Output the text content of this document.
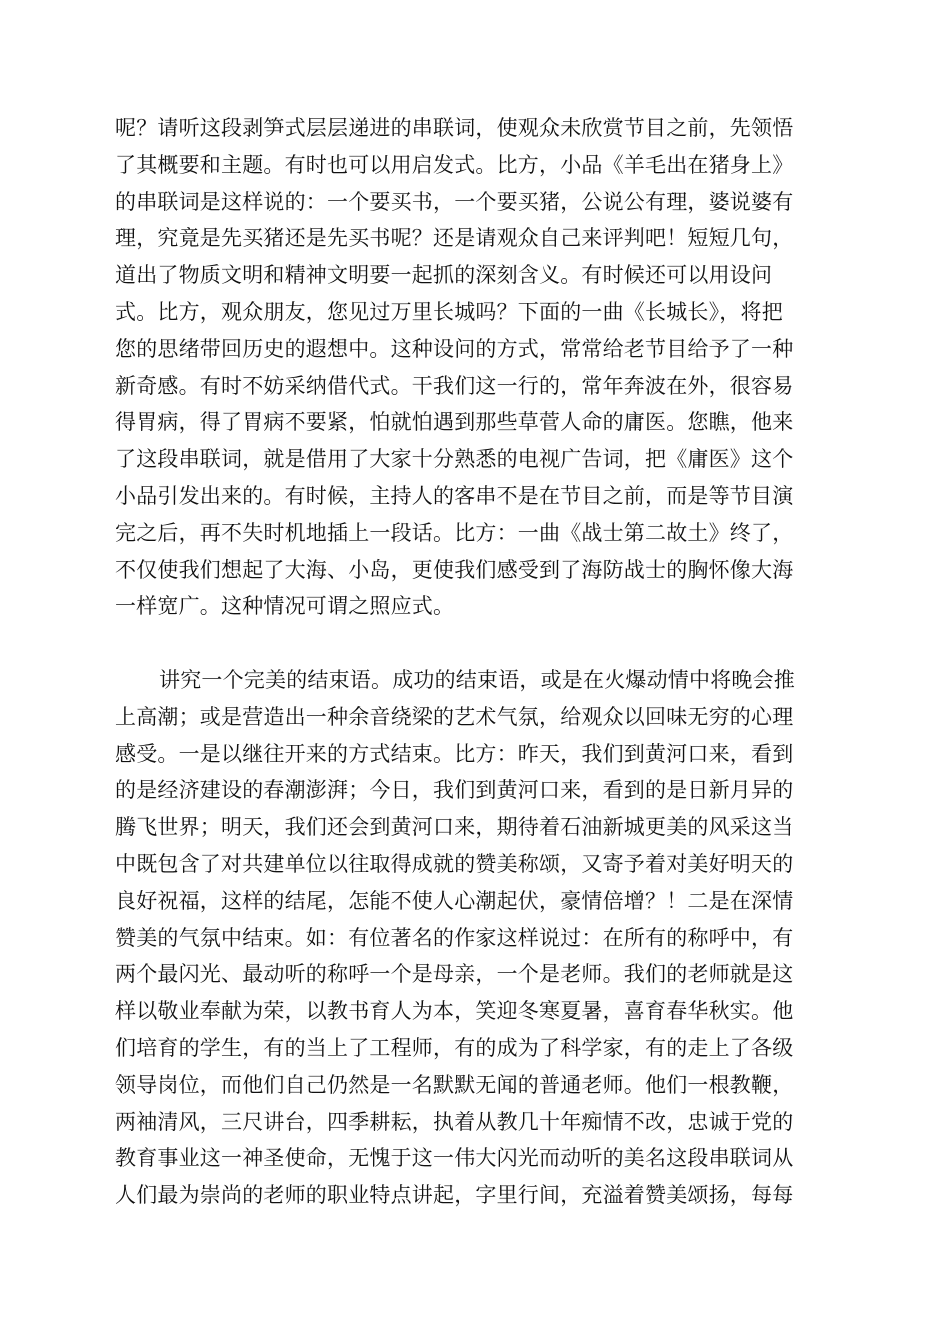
呢？请听这段剥笋式层层递进的串联词，使观众未欣赏节目之前，先领悟
了其概要和主题。有时也可以用启发式。比方，小品《羊毛出在猪身上》
的串联词是这样说的：一个要买书，一个要买猪，公说公有理，婆说婆有
理，究竟是先买猪还是先买书呢？还是请观众自己来评判吧！短短几句，
道出了物质文明和精神文明要一起抓的深刻含义。有时候还可以用设问
式。比方，观众朋友，您见过万里长城吗？下面的一曲《长城长》，将把
您的思绪带回历史的遐想中。这种设问的方式，常常给老节目给予了一种
新奇感。有时不妨采纳借代式。干我们这一行的，常年奔波在外，很容易
得胃病，得了胃病不要紧，怕就怕遇到那些草菅人命的庸医。您瞧，他来
了这段串联词，就是借用了大家十分熟悉的电视广告词，把《庸医》这个
小品引发出来的。有时候，主持人的客串不是在节目之前，而是等节目演
完之后，再不失时机地插上一段话。比方：一曲《战士第二故土》终了，
不仅使我们想起了大海、小岛，更使我们感受到了海防战士的胸怀像大海
一样宽广。这种情况可谓之照应式。
讲究一个完美的结束语。成功的结束语，或是在火爆动情中将晚会推
上高潮；或是营造出一种余音绕梁的艺术气氛，给观众以回味无穷的心理
感受。一是以继往开来的方式结束。比方：昨天，我们到黄河口来，看到
的是经济建设的春潮澎湃；今日，我们到黄河口来，看到的是日新月异的
腾飞世界；明天，我们还会到黄河口来，期待着石油新城更美的风采这当
中既包含了对共建单位以往取得成就的赞美称颂，又寄予着对美好明天的
良好祝福，这样的结尾，怎能不使人心潮起伏，豪情倍增？！二是在深情
赞美的气氛中结束。如：有位著名的作家这样说过：在所有的称呼中，有
两个最闪光、最动听的称呼一个是母亲，一个是老师。我们的老师就是这
样以敬业奉献为荣，以教书育人为本，笑迎冬寒夏暑，喜育春华秋实。他
们培育的学生，有的当上了工程师，有的成为了科学家，有的走上了各级
领导岗位，而他们自己仍然是一名默默无闻的普通老师。他们一根教鞭，
两袖清风，三尺讲台，四季耕耘，执着从教几十年痴情不改，忠诚于党的
教育事业这一神圣使命，无愧于这一伟大闪光而动听的美名这段串联词从
人们最为崇尚的老师的职业特点讲起，字里行间，充溢着赞美颂扬，每每
